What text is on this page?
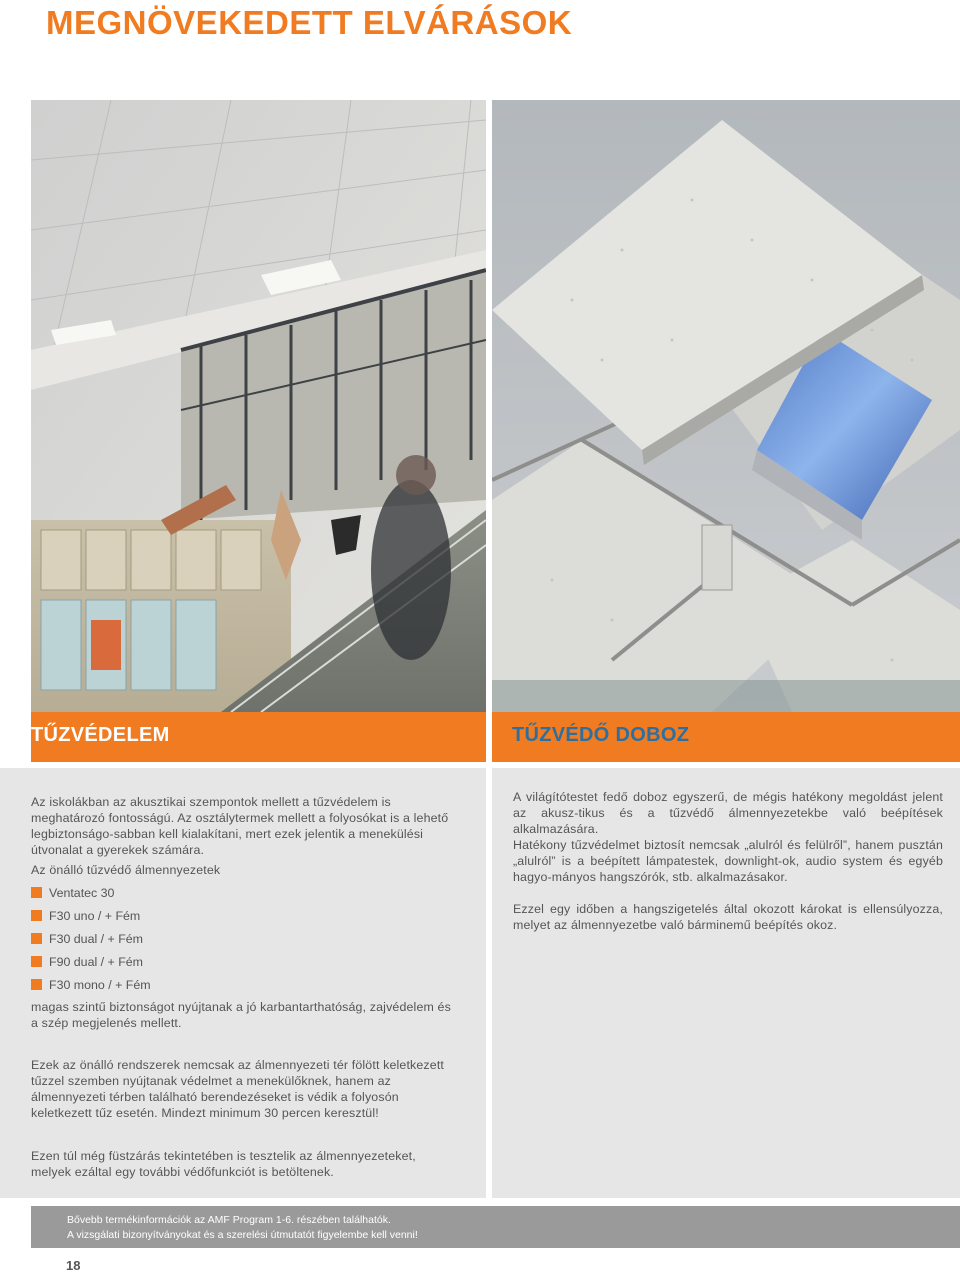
MEGNÖVEKEDETT ELVÁRÁSOK
TŰZVÉDELEM	TŰZVÉDŐ DOBOZ
Az iskolákban az akusztikai szempontok mellett a tűzvédelem is meghatározó fontosságú. Az osztálytermek mellett a folyosókat is a lehető legbiztonságo-sabban kell kialakítani, mert ezek jelentik a menekülési útvonalat a gyerekek számára.
Az önálló tűzvédő álmennyezetek
Ventatec 30
F30 uno / + Fém
F30 dual / + Fém
F90 dual / + Fém
F30 mono / + Fém
magas szintű biztonságot nyújtanak a jó karbantarthatóság, zajvédelem és a szép megjelenés mellett.
Ezek az önálló rendszerek nemcsak az álmennyezeti tér fölött keletkezett tűzzel szemben nyújtanak védelmet a menekülőknek, hanem az álmennyezeti térben található berendezéseket is védik a folyosón keletkezett tűz esetén. Mindezt minimum 30 percen keresztül!
Ezen túl még füstzárás tekintetében is tesztelik az álmennyezeteket, melyek ezáltal egy további védőfunkciót is betöltenek.
A világítótestet fedő doboz egyszerű, de mégis hatékony megoldást jelent az akusz-tikus és a tűzvédő álmennyezetekbe való beépítések alkalmazására.
Hatékony tűzvédelmet biztosít nemcsak „alulról és felülről”, hanem pusztán „alulról” is a beépített lámpatestek, downlight-ok, audio system és egyéb hagyo-mányos hangszórók, stb. alkalmazásakor.
Ezzel egy időben a hangszigetelés által okozott károkat is ellensúlyozza, melyet az álmennyezetbe való bárminemű beépítés okoz.
Bővebb termékinformációk az AMF Program 1-6. részében találhatók.
A vizsgálati bizonyítványokat és a szerelési útmutatót figyelembe kell venni!
18
